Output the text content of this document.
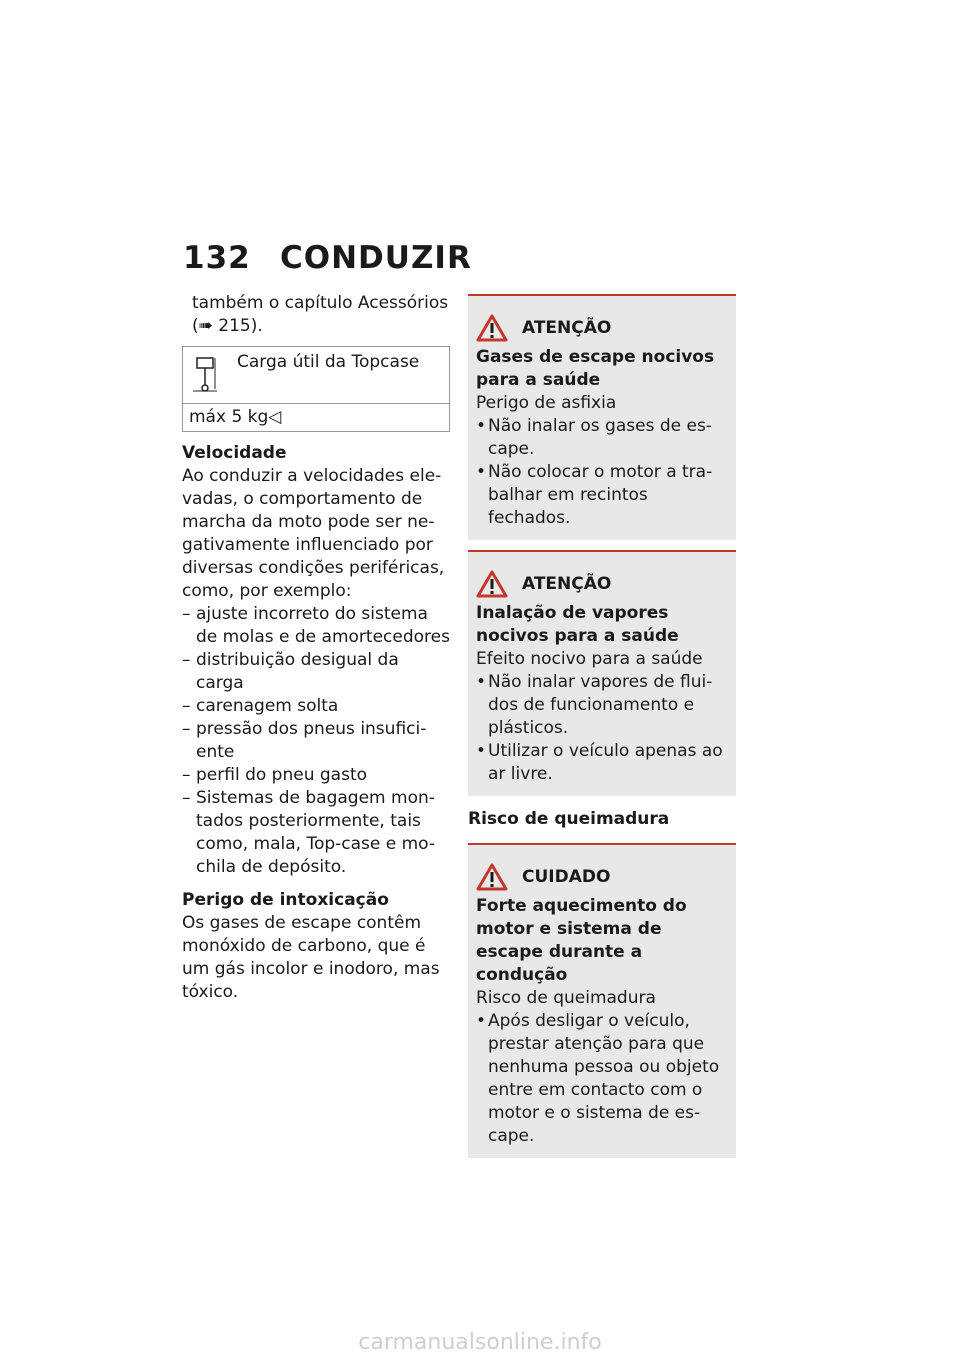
132 CONDUZIR
também o capítulo Acessórios
(➠ 215).
Carga útil da Topcase
máx 5 kg◁
Velocidade
Ao conduzir a velocidades ele-vadas, o comportamento de marcha da moto pode ser ne-gativamente influenciado por diversas condições periféricas, como, por exemplo:
– ajuste incorreto do sistema de molas e de amortecedores
– distribuição desigual da carga
– carenagem solta
– pressão dos pneus insufici-ente
– perfil do pneu gasto
– Sistemas de bagagem mon-tados posteriormente, tais como, mala, Top-case e mo-chila de depósito.
Perigo de intoxicação
Os gases de escape contêm monóxido de carbono, que é um gás incolor e inodoro, mas tóxico.
ATENÇÃO
Gases de escape nocivos para a saúde
Perigo de asfixia
• Não inalar os gases de es-cape.
• Não colocar o motor a tra-balhar em recintos fechados.
ATENÇÃO
Inalação de vapores nocivos para a saúde
Efeito nocivo para a saúde
• Não inalar vapores de flui-dos de funcionamento e plásticos.
• Utilizar o veículo apenas ao ar livre.
Risco de queimadura
CUIDADO
Forte aquecimento do motor e sistema de escape durante a condução
Risco de queimadura
• Após desligar o veículo, prestar atenção para que nenhuma pessoa ou objeto entre em contacto com o motor e o sistema de es-cape.
carmanualsonline.info
